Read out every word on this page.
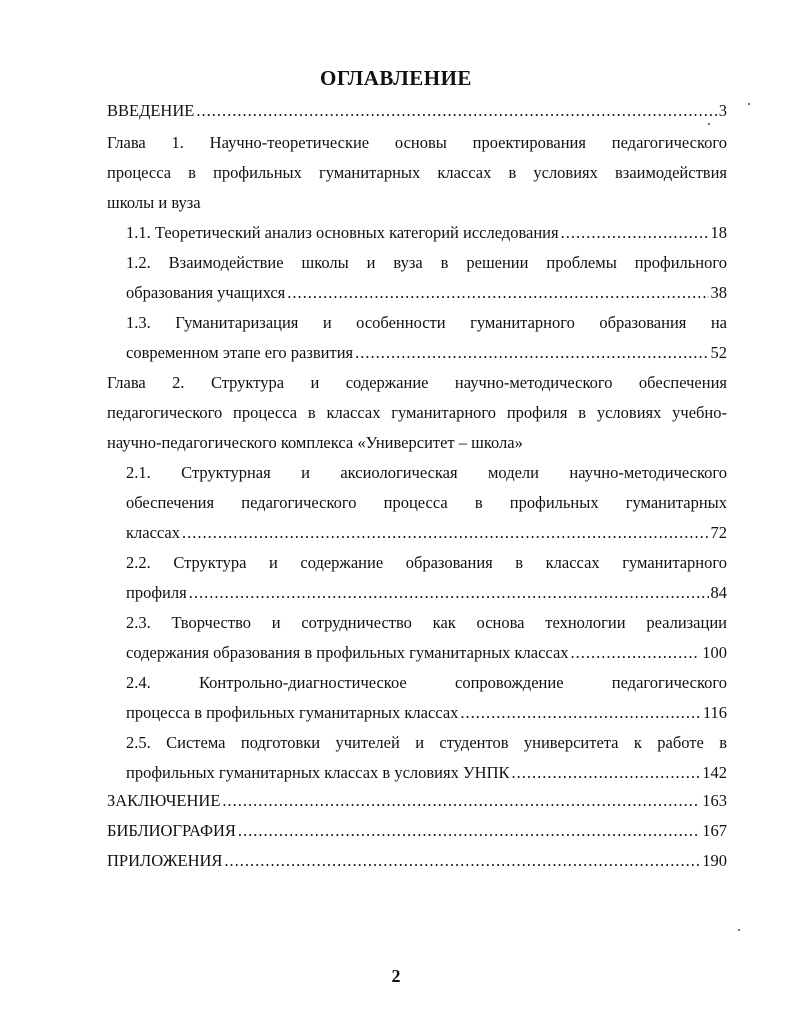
ОГЛАВЛЕНИЕ
ВВЕДЕНИЕ .....	3
Глава 1. Научно-теоретические основы проектирования педагогического
процесса в профильных гуманитарных классах в условиях взаимодействия
школы и вуза
1.1. Теоретический анализ основных категорий исследования .....	18
1.2. Взаимодействие школы и вуза в решении проблемы профильного
образования учащихся .....	38
1.3. Гуманитаризация и особенности гуманитарного образования на
современном этапе его развития .....	52
Глава 2. Структура и содержание научно-методического обеспечения
педагогического процесса в классах гуманитарного профиля в условиях учебно-
научно-педагогического комплекса «Университет – школа»
2.1. Структурная и аксиологическая модели научно-методического
обеспечения педагогического процесса в профильных гуманитарных
классах .....	72
2.2. Структура и содержание образования в классах гуманитарного
профиля .....	84
2.3. Творчество и сотрудничество как основа технологии реализации
содержания образования в профильных гуманитарных классах .....	100
2.4. Контрольно-диагностическое сопровождение педагогического
процесса в профильных гуманитарных классах .....	116
2.5. Система подготовки учителей и студентов университета к работе в
профильных гуманитарных классах в условиях УНПК .....	142
ЗАКЛЮЧЕНИЕ .....	163
БИБЛИОГРАФИЯ .....	167
ПРИЛОЖЕНИЯ .....	190
2
